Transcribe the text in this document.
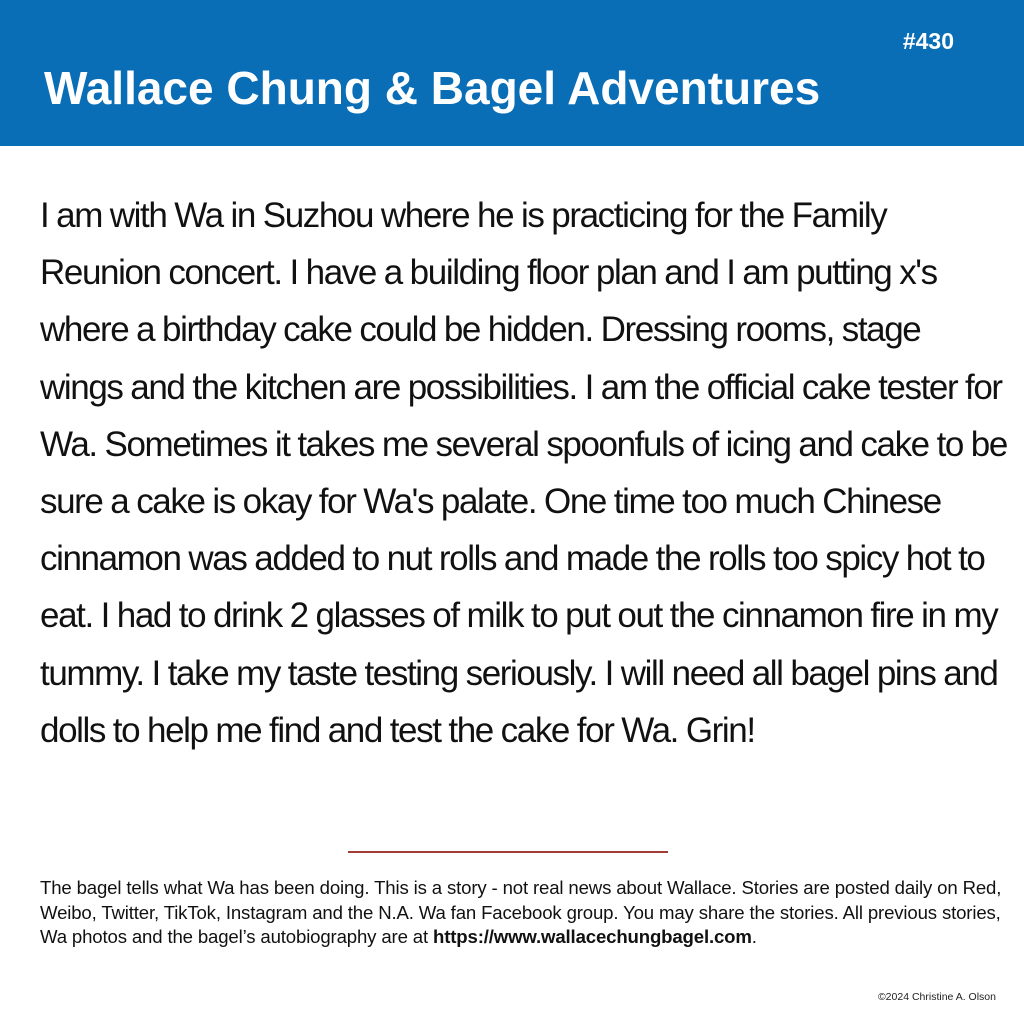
#430
Wallace Chung & Bagel Adventures

I am with Wa in Suzhou where he is practicing for the Family Reunion concert. I have a building floor plan and I am putting x's where a birthday cake could be hidden. Dressing rooms, stage wings and the kitchen are possibilities. I am the official cake tester for Wa. Sometimes it takes me several spoonfuls of icing and cake to be sure a cake is okay for Wa's palate. One time too much Chinese cinnamon was added to nut rolls and made the rolls too spicy hot to eat. I had to drink 2 glasses of milk to put out the cinnamon fire in my tummy. I take my taste testing seriously. I will need all bagel pins and dolls to help me find and test the cake for Wa. Grin!

The bagel tells what Wa has been doing. This is a story - not real news about Wallace. Stories are posted daily on Red, Weibo, Twitter, TikTok, Instagram and the N.A. Wa fan Facebook group. You may share the stories. All previous stories, Wa photos and the bagel’s autobiography are at https://www.wallacechungbagel.com.

©2024 Christine A. Olson
